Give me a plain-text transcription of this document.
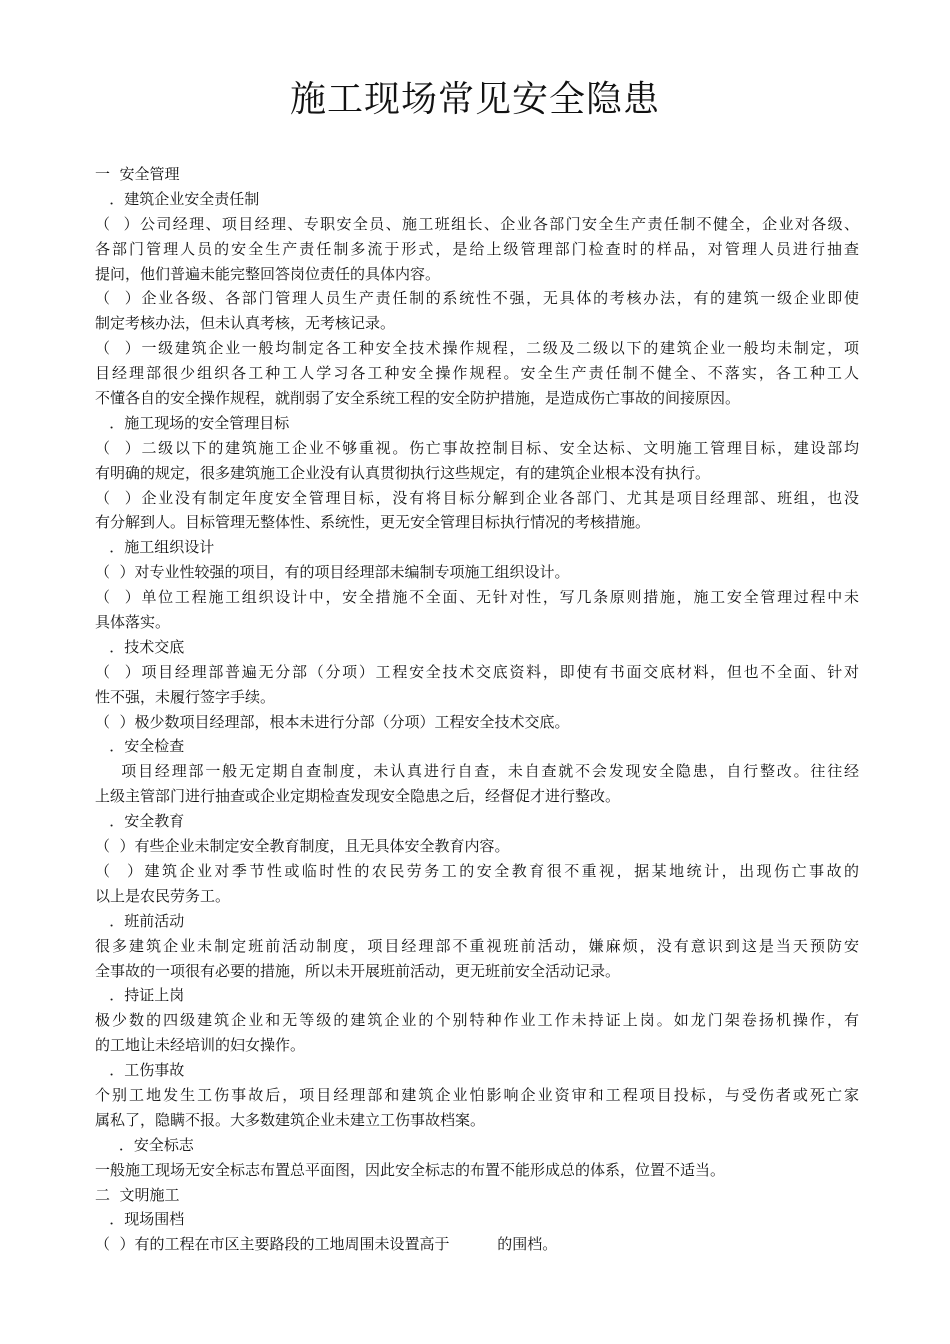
施工现场常见安全隐患
一  安全管理
．建筑企业安全责任制
（  ）公司经理、项目经理、专职安全员、施工班组长、企业各部门安全生产责任制不健全，企业对各级、
各部门管理人员的安全生产责任制多流于形式，是给上级管理部门检查时的样品，对管理人员进行抽查
提问，他们普遍未能完整回答岗位责任的具体内容。
（  ）企业各级、各部门管理人员生产责任制的系统性不强，无具体的考核办法，有的建筑一级企业即使
制定考核办法，但未认真考核，无考核记录。
（  ）一级建筑企业一般均制定各工种安全技术操作规程，二级及二级以下的建筑企业一般均未制定，项
目经理部很少组织各工种工人学习各工种安全操作规程。安全生产责任制不健全、不落实，各工种工人
不懂各自的安全操作规程，就削弱了安全系统工程的安全防护措施，是造成伤亡事故的间接原因。
．施工现场的安全管理目标
（  ）二级以下的建筑施工企业不够重视。伤亡事故控制目标、安全达标、文明施工管理目标，建设部均
有明确的规定，很多建筑施工企业没有认真贯彻执行这些规定，有的建筑企业根本没有执行。
（  ）企业没有制定年度安全管理目标，没有将目标分解到企业各部门、尤其是项目经理部、班组，也没
有分解到人。目标管理无整体性、系统性，更无安全管理目标执行情况的考核措施。
．施工组织设计
（  ）对专业性较强的项目，有的项目经理部未编制专项施工组织设计。
（  ）单位工程施工组织设计中，安全措施不全面、无针对性，写几条原则措施，施工安全管理过程中未
具体落实。
．技术交底
（  ）项目经理部普遍无分部（分项）工程安全技术交底资料，即使有书面交底材料，但也不全面、针对
性不强，未履行签字手续。
（  ）极少数项目经理部，根本未进行分部（分项）工程安全技术交底。
．安全检查
项目经理部一般无定期自查制度，未认真进行自查，未自查就不会发现安全隐患，自行整改。往往经
上级主管部门进行抽查或企业定期检查发现安全隐患之后，经督促才进行整改。
．安全教育
（  ）有些企业未制定安全教育制度，且无具体安全教育内容。
（  ）建筑企业对季节性或临时性的农民劳务工的安全教育很不重视，据某地统计，出现伤亡事故的
以上是农民劳务工。
．班前活动
很多建筑企业未制定班前活动制度，项目经理部不重视班前活动，嫌麻烦，没有意识到这是当天预防安
全事故的一项很有必要的措施，所以未开展班前活动，更无班前安全活动记录。
．持证上岗
极少数的四级建筑企业和无等级的建筑企业的个别特种作业工作未持证上岗。如龙门架卷扬机操作，有
的工地让未经培训的妇女操作。
．工伤事故
个别工地发生工伤事故后，项目经理部和建筑企业怕影响企业资审和工程项目投标，与受伤者或死亡家
属私了，隐瞒不报。大多数建筑企业未建立工伤事故档案。
．安全标志
一般施工现场无安全标志布置总平面图，因此安全标志的布置不能形成总的体系，位置不适当。
二  文明施工
．现场围档
（  ）有的工程在市区主要路段的工地周围未设置高于          的围档。
